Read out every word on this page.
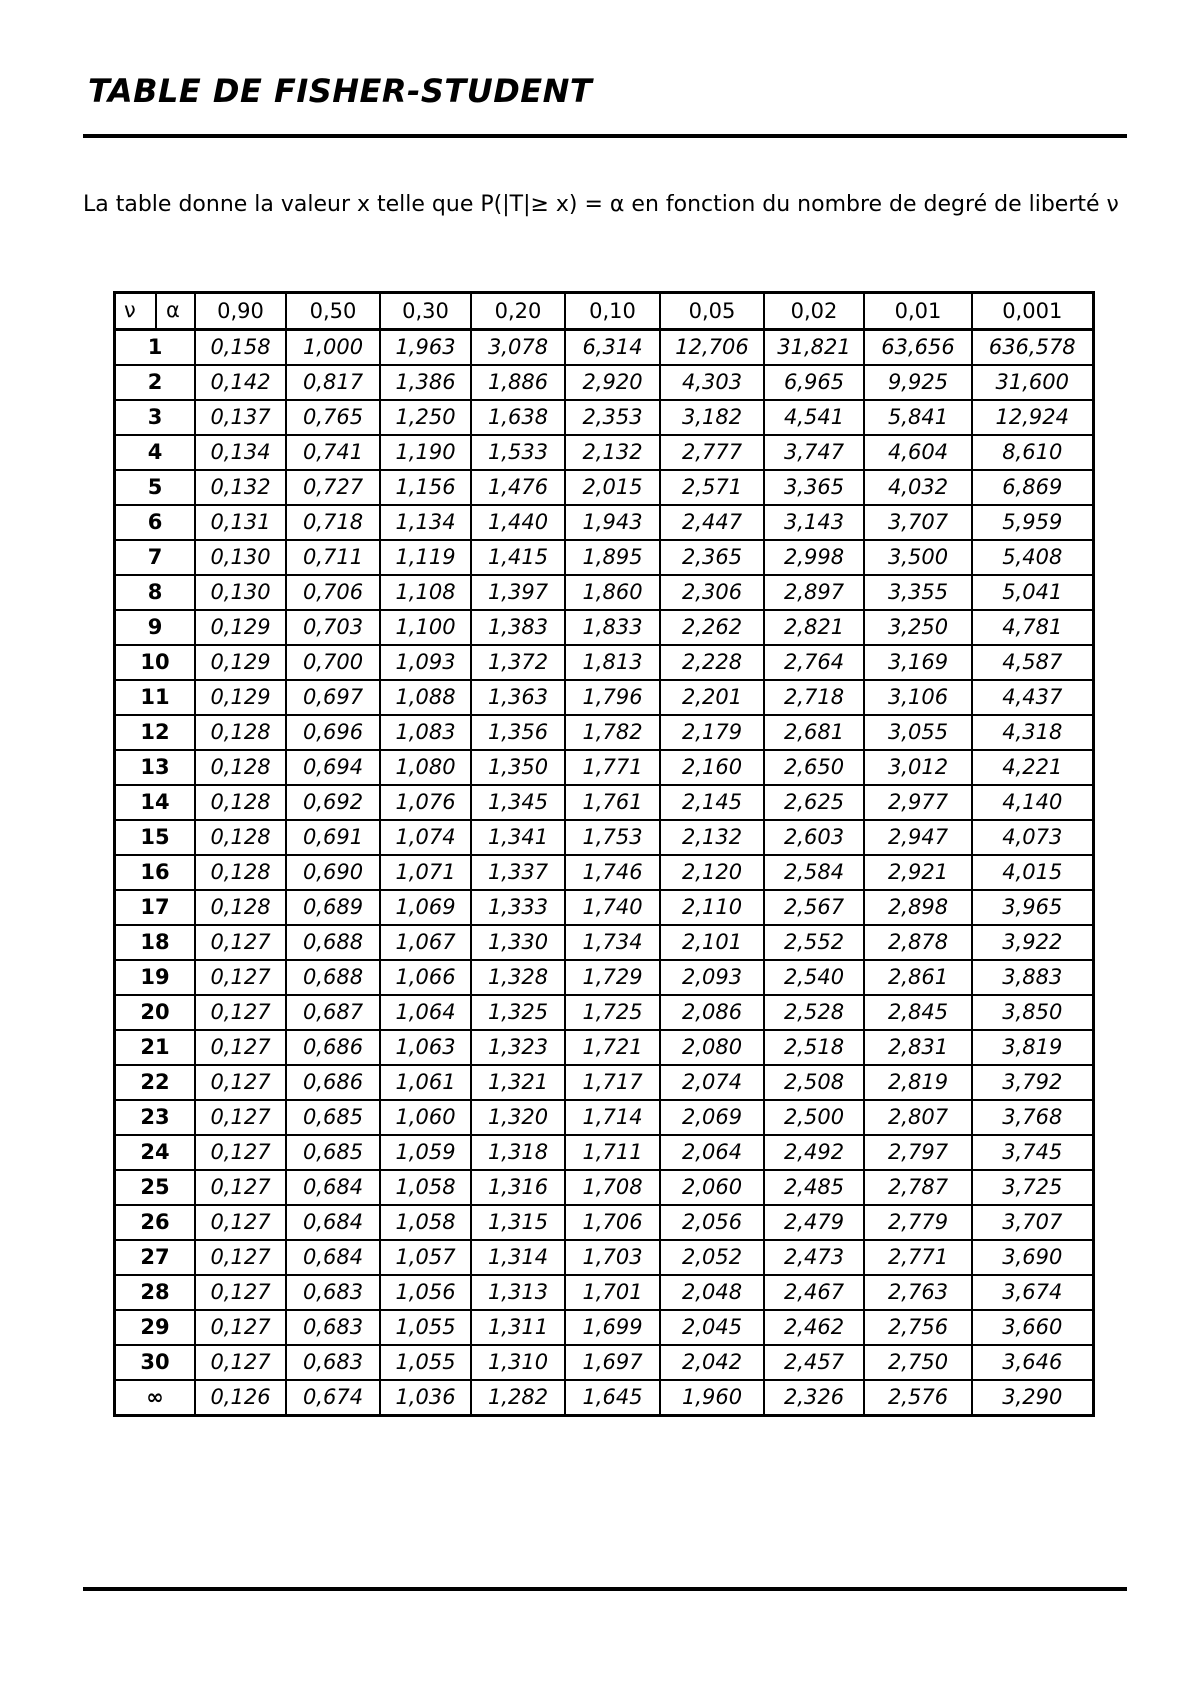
TABLE DE FISHER-STUDENT

La table donne la valeur x telle que P(|T|≥ x) = α en fonction du nombre de degré de liberté ν

ν α	0,90	0,50	0,30	0,20	0,10	0,05	0,02	0,01	0,001
1	0,158	1,000	1,963	3,078	6,314	12,706	31,821	63,656	636,578
2	0,142	0,817	1,386	1,886	2,920	4,303	6,965	9,925	31,600
3	0,137	0,765	1,250	1,638	2,353	3,182	4,541	5,841	12,924
4	0,134	0,741	1,190	1,533	2,132	2,777	3,747	4,604	8,610
5	0,132	0,727	1,156	1,476	2,015	2,571	3,365	4,032	6,869
6	0,131	0,718	1,134	1,440	1,943	2,447	3,143	3,707	5,959
7	0,130	0,711	1,119	1,415	1,895	2,365	2,998	3,500	5,408
8	0,130	0,706	1,108	1,397	1,860	2,306	2,897	3,355	5,041
9	0,129	0,703	1,100	1,383	1,833	2,262	2,821	3,250	4,781
10	0,129	0,700	1,093	1,372	1,813	2,228	2,764	3,169	4,587
11	0,129	0,697	1,088	1,363	1,796	2,201	2,718	3,106	4,437
12	0,128	0,696	1,083	1,356	1,782	2,179	2,681	3,055	4,318
13	0,128	0,694	1,080	1,350	1,771	2,160	2,650	3,012	4,221
14	0,128	0,692	1,076	1,345	1,761	2,145	2,625	2,977	4,140
15	0,128	0,691	1,074	1,341	1,753	2,132	2,603	2,947	4,073
16	0,128	0,690	1,071	1,337	1,746	2,120	2,584	2,921	4,015
17	0,128	0,689	1,069	1,333	1,740	2,110	2,567	2,898	3,965
18	0,127	0,688	1,067	1,330	1,734	2,101	2,552	2,878	3,922
19	0,127	0,688	1,066	1,328	1,729	2,093	2,540	2,861	3,883
20	0,127	0,687	1,064	1,325	1,725	2,086	2,528	2,845	3,850
21	0,127	0,686	1,063	1,323	1,721	2,080	2,518	2,831	3,819
22	0,127	0,686	1,061	1,321	1,717	2,074	2,508	2,819	3,792
23	0,127	0,685	1,060	1,320	1,714	2,069	2,500	2,807	3,768
24	0,127	0,685	1,059	1,318	1,711	2,064	2,492	2,797	3,745
25	0,127	0,684	1,058	1,316	1,708	2,060	2,485	2,787	3,725
26	0,127	0,684	1,058	1,315	1,706	2,056	2,479	2,779	3,707
27	0,127	0,684	1,057	1,314	1,703	2,052	2,473	2,771	3,690
28	0,127	0,683	1,056	1,313	1,701	2,048	2,467	2,763	3,674
29	0,127	0,683	1,055	1,311	1,699	2,045	2,462	2,756	3,660
30	0,127	0,683	1,055	1,310	1,697	2,042	2,457	2,750	3,646
∞	0,126	0,674	1,036	1,282	1,645	1,960	2,326	2,576	3,290
